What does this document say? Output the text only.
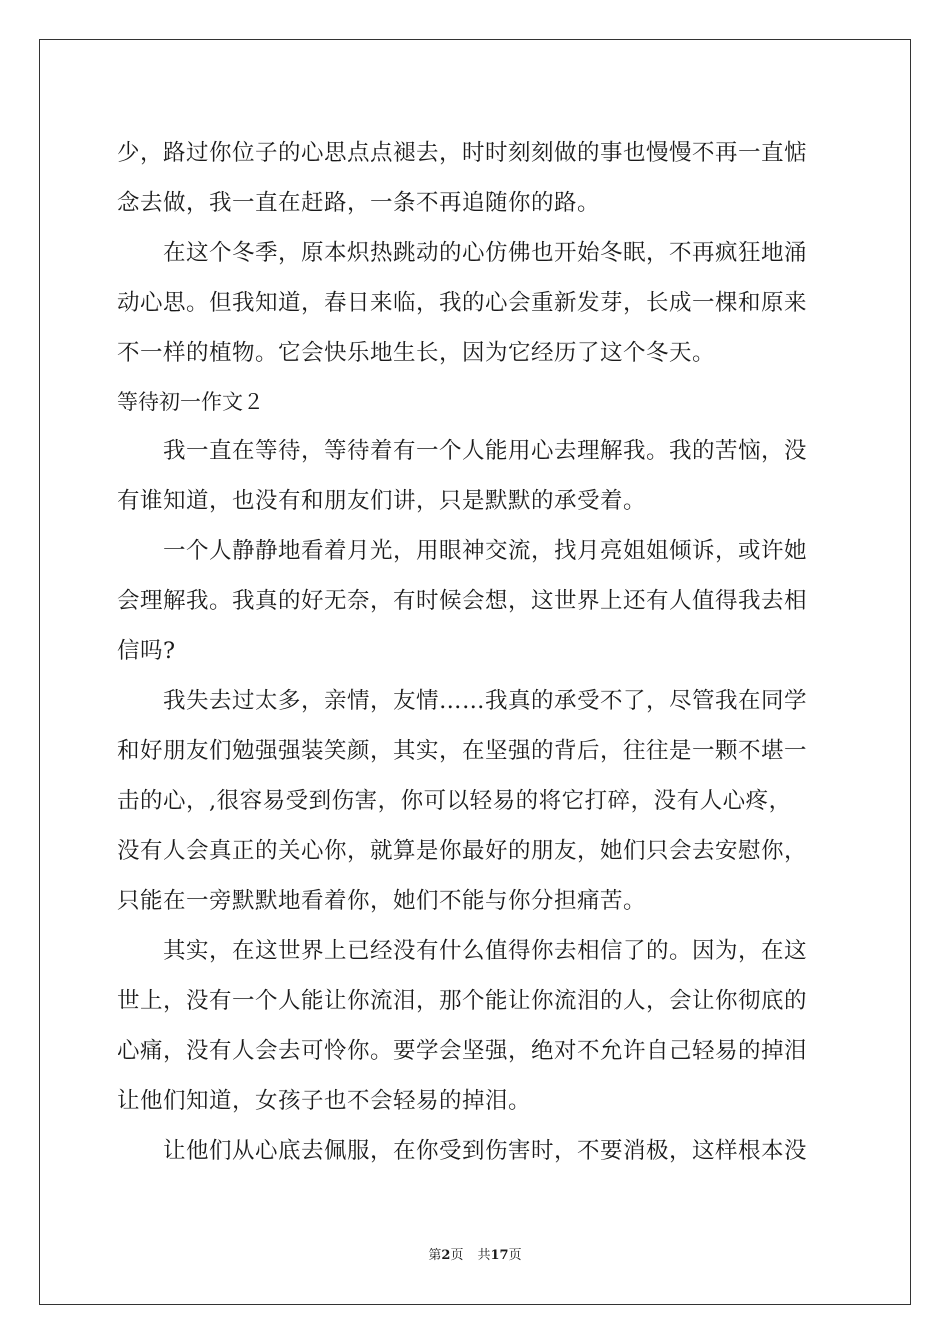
少，路过你位子的心思点点褪去，时时刻刻做的事也慢慢不再一直惦
念去做，我一直在赶路，一条不再追随你的路。
在这个冬季，原本炽热跳动的心仿佛也开始冬眠，不再疯狂地涌
动心思。但我知道，春日来临，我的心会重新发芽，长成一棵和原来
不一样的植物。它会快乐地生长，因为它经历了这个冬天。
等待初一作文２
我一直在等待，等待着有一个人能用心去理解我。我的苦恼，没
有谁知道，也没有和朋友们讲，只是默默的承受着。
一个人静静地看着月光，用眼神交流，找月亮姐姐倾诉，或许她
会理解我。我真的好无奈，有时候会想，这世界上还有人值得我去相
信吗?
我失去过太多，亲情，友情……我真的承受不了，尽管我在同学
和好朋友们勉强强装笑颜，其实，在坚强的背后，往往是一颗不堪一
击的心，,很容易受到伤害，你可以轻易的将它打碎，没有人心疼，
没有人会真正的关心你，就算是你最好的朋友，她们只会去安慰你，
只能在一旁默默地看着你，她们不能与你分担痛苦。
其实，在这世界上已经没有什么值得你去相信了的。因为，在这
世上，没有一个人能让你流泪，那个能让你流泪的人，会让你彻底的
心痛，没有人会去可怜你。要学会坚强，绝对不允许自己轻易的掉泪
让他们知道，女孩子也不会轻易的掉泪。
让他们从心底去佩服，在你受到伤害时，不要消极，这样根本没
第2页 共17页
